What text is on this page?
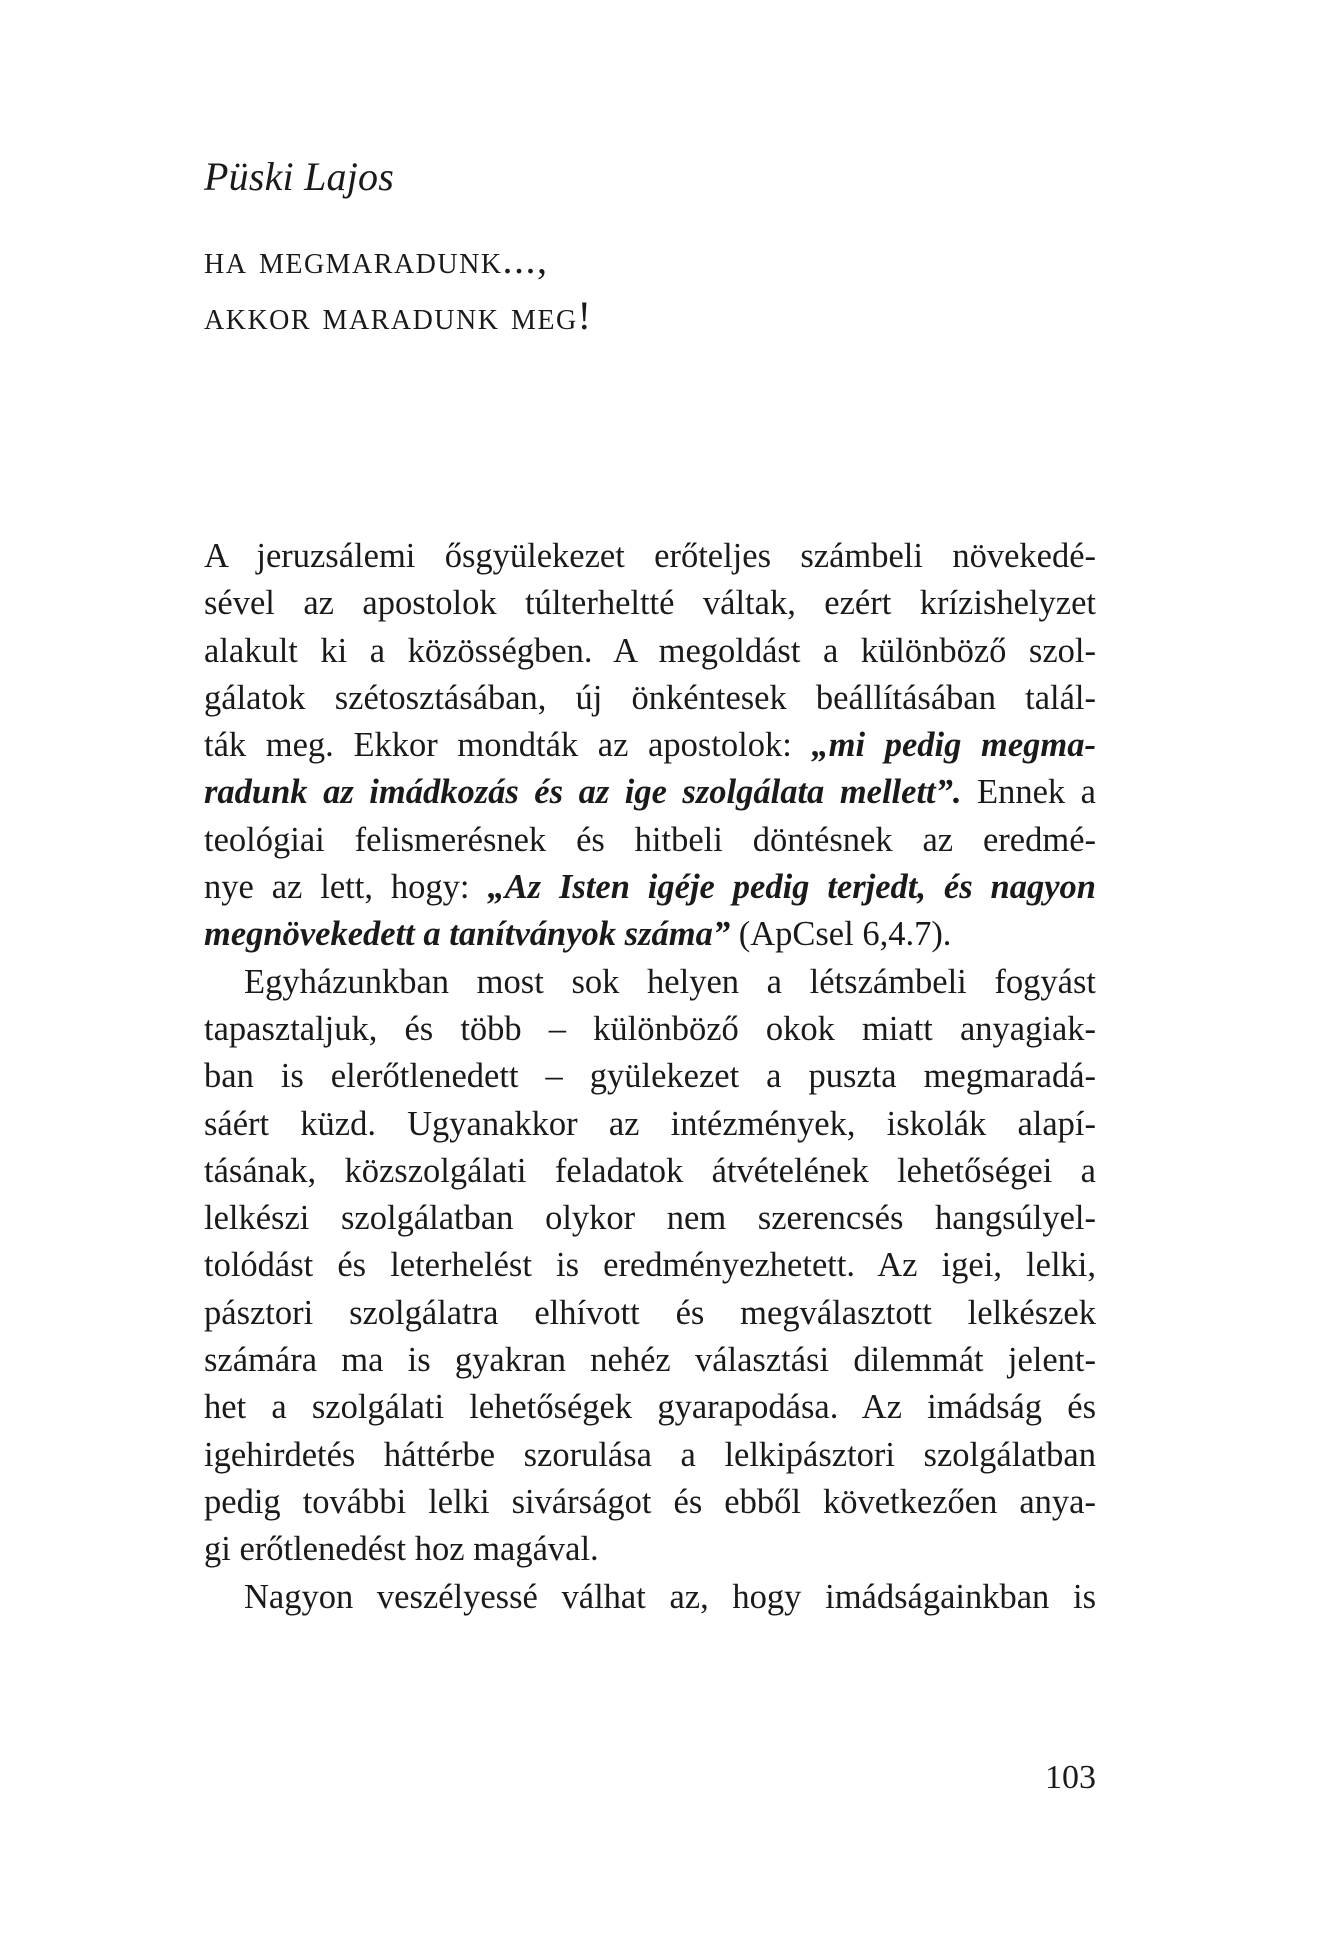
Püski Lajos
ha megmaradunk...,
akkor maradunk meg!

A jeruzsálemi ősgyülekezet erőteljes számbeli növekedé-
sével az apostolok túlterheltté váltak, ezért krízishelyzet
alakult ki a közösségben. A megoldást a különböző szol-
gálatok szétosztásában, új önkéntesek beállításában talál-
ták meg. Ekkor mondták az apostolok: „mi pedig megma-
radunk az imádkozás és az ige szolgálata mellett”. Ennek a
teológiai felismerésnek és hitbeli döntésnek az eredmé-
nye az lett, hogy: „Az Isten igéje pedig terjedt, és nagyon
megnövekedett a tanítványok száma” (ApCsel 6,4.7).

Egyházunkban most sok helyen a létszámbeli fogyást
tapasztaljuk, és több – különböző okok miatt anyagiak-
ban is elerőtlenedett – gyülekezet a puszta megmaradá-
sáért küzd. Ugyanakkor az intézmények, iskolák alapí-
tásának, közszolgálati feladatok átvételének lehetőségei a
lelkészi szolgálatban olykor nem szerencsés hangsúlyel-
tolódást és leterhelést is eredményezhetett. Az igei, lelki,
pásztori szolgálatra elhívott és megválasztott lelkészek
számára ma is gyakran nehéz választási dilemmát jelent-
het a szolgálati lehetőségek gyarapodása. Az imádság és
igehirdetés háttérbe szorulása a lelkipásztori szolgálatban
pedig további lelki sivárságot és ebből következően anya-
gi erőtlenedést hoz magával.

Nagyon veszélyessé válhat az, hogy imádságainkban is

103
